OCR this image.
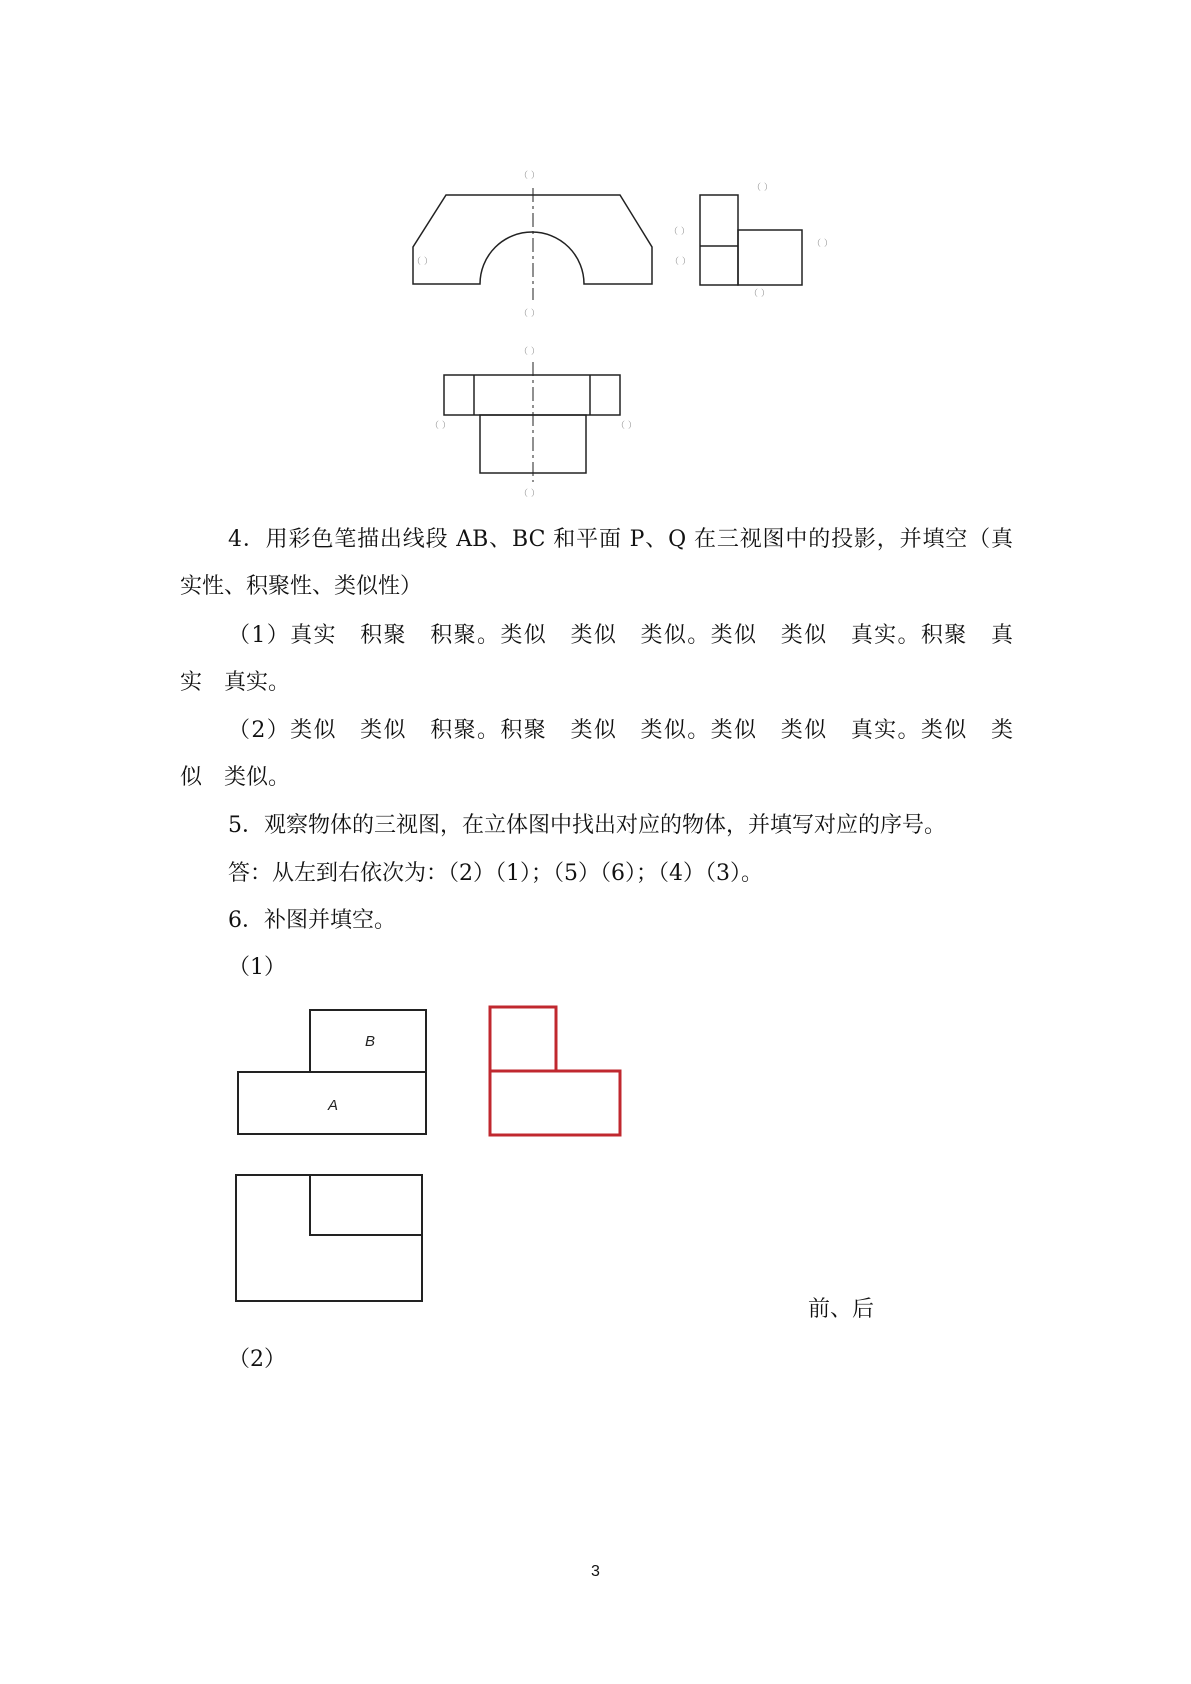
（ ）
（ ）	（ ）
（ ）
（ ）
（ ）
（ ）
（ ）
（ ）
（ ）	（ ）
（ ）
4．用彩色笔描出线段 AB、BC 和平面 P、Q 在三视图中的投影，并填空（真
实性、积聚性、类似性）
（1）真实　积聚　积聚。类似　类似　类似。类似　类似　真实。积聚　真
实　真实。
（2）类似　类似　积聚。积聚　类似　类似。类似　类似　真实。类似　类
似　类似。
5．观察物体的三视图，在立体图中找出对应的物体，并填写对应的序号。
答：从左到右依次为：（2）（1）；（5）（6）；（4）（3）。
6．补图并填空。
（1）
B
A
前、后
（2）
3
